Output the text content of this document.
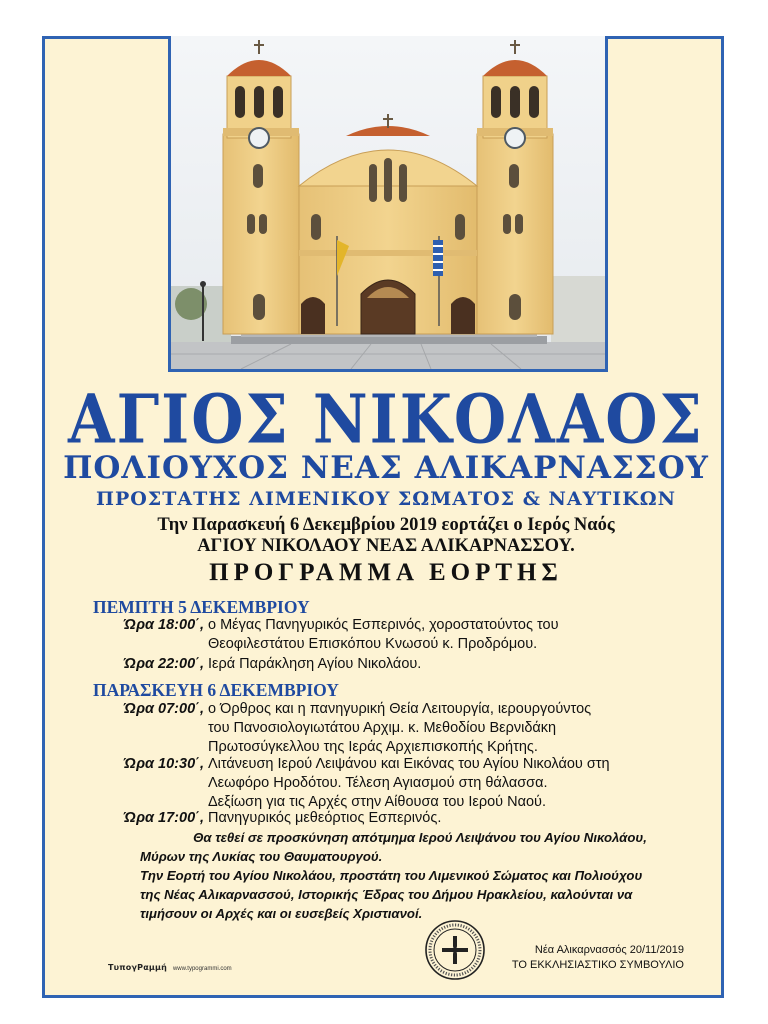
ΑΓΙΟΣ ΝΙΚΟΛΑΟΣ
ΠΟΛΙΟΥΧΟΣ ΝΕΑΣ ΑΛΙΚΑΡΝΑΣΣΟΥ
ΠΡΟΣΤΑΤΗΣ ΛΙΜΕΝΙΚΟΥ ΣΩΜΑΤΟΣ & ΝΑΥΤΙΚΩΝ
Την Παρασκευή 6 Δεκεμβρίου 2019 εορτάζει ο Ιερός Ναός
ΑΓΙΟΥ ΝΙΚΟΛΑΟΥ ΝΕΑΣ ΑΛΙΚΑΡΝΑΣΣΟΥ.
ΠΡΟΓΡΑΜΜΑ ΕΟΡΤΗΣ
ΠΕΜΠΤΗ 5 ΔΕΚΕΜΒΡΙΟΥ
Ώρα 18:00΄, ο Μέγας Πανηγυρικός Εσπερινός, χοροστατούντος του
Θεοφιλεστάτου Επισκόπου Κνωσού κ. Προδρόμου.
Ώρα 22:00΄, Ιερά Παράκληση Αγίου Νικολάου.
ΠΑΡΑΣΚΕΥΗ 6 ΔΕΚΕΜΒΡΙΟΥ
Ώρα 07:00΄, ο Όρθρος και η πανηγυρική Θεία Λειτουργία, ιερουργούντος
του Πανοσιολογιωτάτου Αρχιμ. κ. Μεθοδίου Βερνιδάκη
Πρωτοσύγκελλου της Ιεράς Αρχιεπισκοπής Κρήτης.
Ώρα 10:30΄, Λιτάνευση Ιερού Λειψάνου και Εικόνας του Αγίου Νικολάου στη
Λεωφόρο Ηροδότου. Τέλεση Αγιασμού στη θάλασσα.
Δεξίωση για τις Αρχές στην Αίθουσα του Ιερού Ναού.
Ώρα 17:00΄, Πανηγυρικός μεθεόρτιος Εσπερινός.
Θα τεθεί σε προσκύνηση απότμημα Ιερού Λειψάνου του Αγίου Νικολάου,
Μύρων της Λυκίας του Θαυματουργού.
Την Εορτή του Αγίου Νικολάου, προστάτη του Λιμενικού Σώματος και Πολιούχου
της Νέας Αλικαρνασσού, Ιστορικής Έδρας του Δήμου Ηρακλείου, καλούνται να
τιμήσουν οι Αρχές και οι ευσεβείς Χριστιανοί.
ΤυπογΡαμμή www.typogrammi.com
Νέα Αλικαρνασσός 20/11/2019
ΤΟ ΕΚΚΛΗΣΙΑΣΤΙΚΟ ΣΥΜΒΟΥΛΙΟ
